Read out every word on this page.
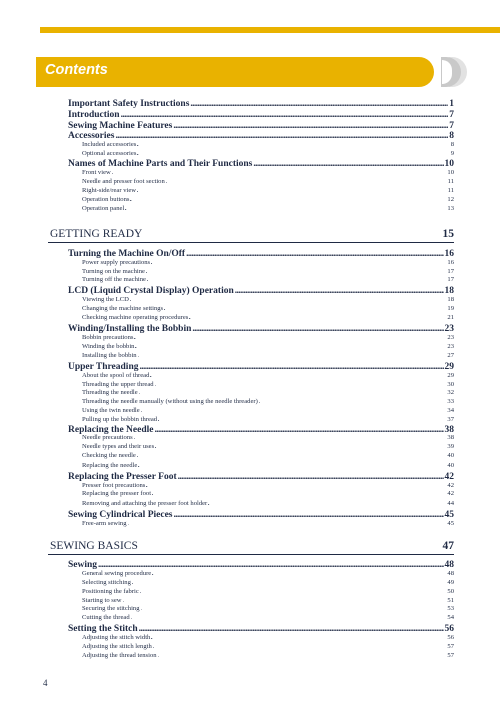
Contents
GETTING READY	15
SEWING BASICS	47
Important Safety Instructions . . .	1
Introduction . . .	7
Sewing Machine Features . . .	7
Accessories . . .	8
Included accessories . . .	8
Optional accessories . . .	9
Names of Machine Parts and Their Functions . . .	10
Front view . . .	10
Needle and presser foot section . . .	11
Right-side/rear view . . .	11
Operation buttons . . .	12
Operation panel . . .	13
Turning the Machine On/Off . . .	16
Power supply precautions . . .	16
Turning on the machine . . .	17
Turning off the machine . . .	17
LCD (Liquid Crystal Display) Operation . . .	18
Viewing the LCD . . .	18
Changing the machine settings . . .	19
Checking machine operating procedures . . .	21
Winding/Installing the Bobbin . . .	23
Bobbin precautions . . .	23
Winding the bobbin . . .	23
Installing the bobbin . . .	27
Upper Threading . . .	29
About the spool of thread . . .	29
Threading the upper thread . . .	30
Threading the needle . . .	32
Threading the needle manually (without using the needle threader) . . .	33
Using the twin needle . . .	34
Pulling up the bobbin thread . . .	37
Replacing the Needle . . .	38
Needle precautions . . .	38
Needle types and their uses . . .	39
Checking the needle . . .	40
Replacing the needle . . .	40
Replacing the Presser Foot . . .	42
Presser foot precautions . . .	42
Replacing the presser foot . . .	42
Removing and attaching the presser foot holder . . .	44
Sewing Cylindrical Pieces . . .	45
Free-arm sewing . . .	45
Sewing . . .	48
General sewing procedure . . .	48
Selecting stitching . . .	49
Positioning the fabric . . .	50
Starting to sew . . .	51
Securing the stitching . . .	53
Cutting the thread . . .	54
Setting the Stitch . . .	56
Adjusting the stitch width . . .	56
Adjusting the stitch length . . .	57
Adjusting the thread tension . . .	57
4
